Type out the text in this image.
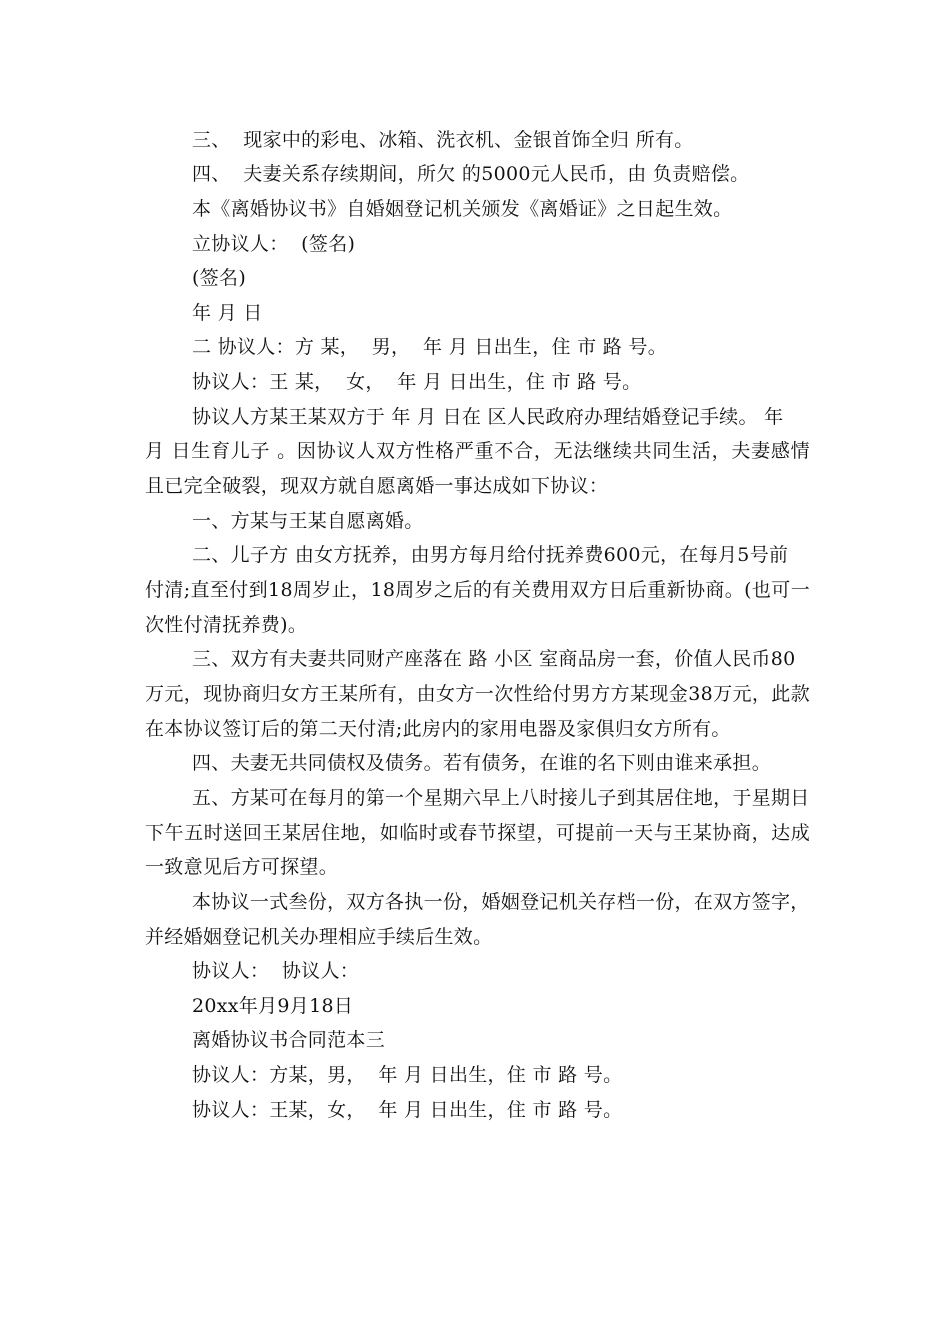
三、  现家中的彩电、冰箱、洗衣机、金银首饰全归 所有。
四、  夫妻关系存续期间，所欠 的5000元人民币，由 负责赔偿。
本《离婚协议书》自婚姻登记机关颁发《离婚证》之日起生效。
立协议人：  (签名)
(签名)
年 月 日
二 协议人：方 某，  男，  年 月 日出生，住 市 路 号。
协议人：王 某，  女，  年 月 日出生，住 市 路 号。
协议人方某王某双方于 年 月 日在 区人民政府办理结婚登记手续。 年
月 日生育儿子 。因协议人双方性格严重不合，无法继续共同生活，夫妻感情
且已完全破裂，现双方就自愿离婚一事达成如下协议：
一、方某与王某自愿离婚。
二、儿子方 由女方抚养，由男方每月给付抚养费600元，在每月5号前
付清;直至付到18周岁止，18周岁之后的有关费用双方日后重新协商。(也可一
次性付清抚养费)。
三、双方有夫妻共同财产座落在 路 小区 室商品房一套，价值人民币80
万元，现协商归女方王某所有，由女方一次性给付男方方某现金38万元，此款
在本协议签订后的第二天付清;此房内的家用电器及家俱归女方所有。
四、夫妻无共同债权及债务。若有债务，在谁的名下则由谁来承担。
五、方某可在每月的第一个星期六早上八时接儿子到其居住地，于星期日
下午五时送回王某居住地，如临时或春节探望，可提前一天与王某协商，达成
一致意见后方可探望。
本协议一式叁份，双方各执一份，婚姻登记机关存档一份，在双方签字，
并经婚姻登记机关办理相应手续后生效。
协议人：  协议人：
20xx年月9月18日
离婚协议书合同范本三
协议人：方某，男，  年 月 日出生，住 市 路 号。
协议人：王某，女，  年 月 日出生，住 市 路 号。
